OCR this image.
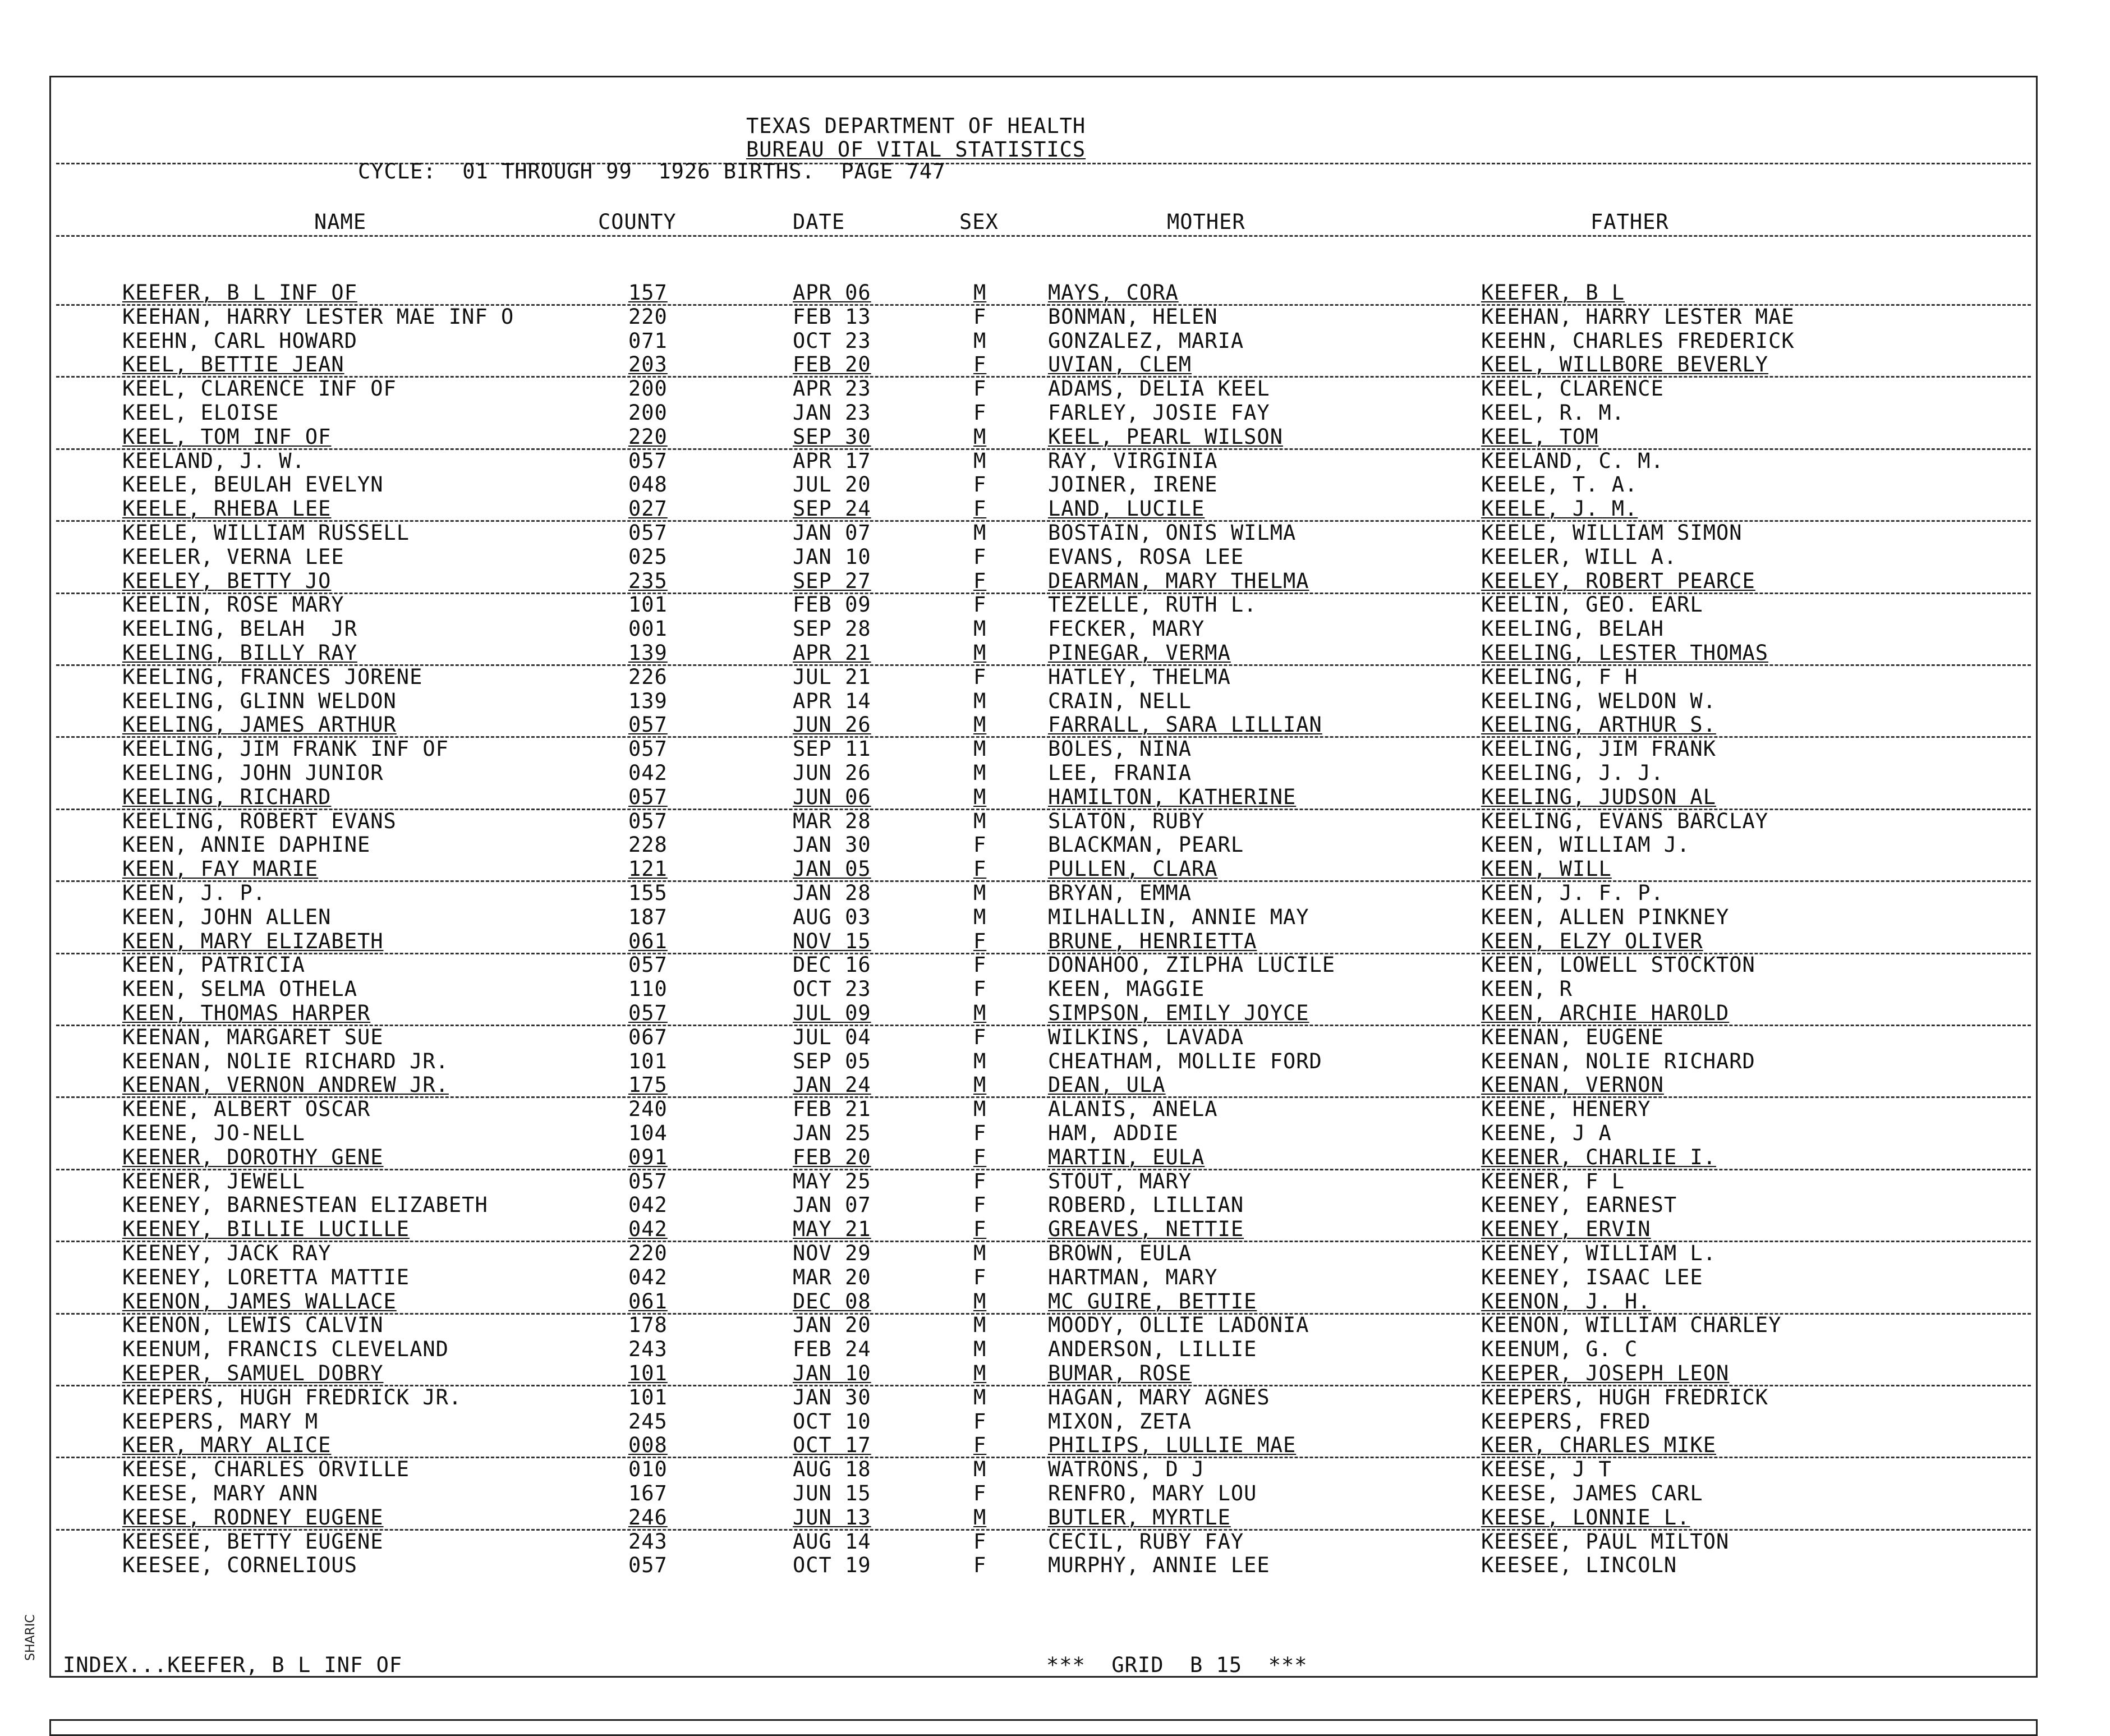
TEXAS DEPARTMENT OF HEALTH
BUREAU OF VITAL STATISTICS
CYCLE:  01 THROUGH 99  1926 BIRTHS.  PAGE 747
NAME	COUNTY	DATE	SEX	MOTHER	FATHER
KEEFER, B L INF OF	157	APR 06	M	MAYS, CORA	KEEFER, B L
KEEHAN, HARRY LESTER MAE INF O	220	FEB 13	F	BONMAN, HELEN	KEEHAN, HARRY LESTER MAE
KEEHN, CARL HOWARD	071	OCT 23	M	GONZALEZ, MARIA	KEEHN, CHARLES FREDERICK
KEEL, BETTIE JEAN	203	FEB 20	F	UVIAN, CLEM	KEEL, WILLBORE BEVERLY
KEEL, CLARENCE INF OF	200	APR 23	F	ADAMS, DELIA KEEL	KEEL, CLARENCE
KEEL, ELOISE	200	JAN 23	F	FARLEY, JOSIE FAY	KEEL, R. M.
KEEL, TOM INF OF	220	SEP 30	M	KEEL, PEARL WILSON	KEEL, TOM
KEELAND, J. W.	057	APR 17	M	RAY, VIRGINIA	KEELAND, C. M.
KEELE, BEULAH EVELYN	048	JUL 20	F	JOINER, IRENE	KEELE, T. A.
KEELE, RHEBA LEE	027	SEP 24	F	LAND, LUCILE	KEELE, J. M.
KEELE, WILLIAM RUSSELL	057	JAN 07	M	BOSTAIN, ONIS WILMA	KEELE, WILLIAM SIMON
KEELER, VERNA LEE	025	JAN 10	F	EVANS, ROSA LEE	KEELER, WILL A.
KEELEY, BETTY JO	235	SEP 27	F	DEARMAN, MARY THELMA	KEELEY, ROBERT PEARCE
KEELIN, ROSE MARY	101	FEB 09	F	TEZELLE, RUTH L.	KEELIN, GEO. EARL
KEELING, BELAH  JR	001	SEP 28	M	FECKER, MARY	KEELING, BELAH
KEELING, BILLY RAY	139	APR 21	M	PINEGAR, VERMA	KEELING, LESTER THOMAS
KEELING, FRANCES JORENE	226	JUL 21	F	HATLEY, THELMA	KEELING, F H
KEELING, GLINN WELDON	139	APR 14	M	CRAIN, NELL	KEELING, WELDON W.
KEELING, JAMES ARTHUR	057	JUN 26	M	FARRALL, SARA LILLIAN	KEELING, ARTHUR S.
KEELING, JIM FRANK INF OF	057	SEP 11	M	BOLES, NINA	KEELING, JIM FRANK
KEELING, JOHN JUNIOR	042	JUN 26	M	LEE, FRANIA	KEELING, J. J.
KEELING, RICHARD	057	JUN 06	M	HAMILTON, KATHERINE	KEELING, JUDSON AL
KEELING, ROBERT EVANS	057	MAR 28	M	SLATON, RUBY	KEELING, EVANS BARCLAY
KEEN, ANNIE DAPHINE	228	JAN 30	F	BLACKMAN, PEARL	KEEN, WILLIAM J.
KEEN, FAY MARIE	121	JAN 05	F	PULLEN, CLARA	KEEN, WILL
KEEN, J. P.	155	JAN 28	M	BRYAN, EMMA	KEEN, J. F. P.
KEEN, JOHN ALLEN	187	AUG 03	M	MILHALLIN, ANNIE MAY	KEEN, ALLEN PINKNEY
KEEN, MARY ELIZABETH	061	NOV 15	F	BRUNE, HENRIETTA	KEEN, ELZY OLIVER
KEEN, PATRICIA	057	DEC 16	F	DONAHOO, ZILPHA LUCILE	KEEN, LOWELL STOCKTON
KEEN, SELMA OTHELA	110	OCT 23	F	KEEN, MAGGIE	KEEN, R
KEEN, THOMAS HARPER	057	JUL 09	M	SIMPSON, EMILY JOYCE	KEEN, ARCHIE HAROLD
KEENAN, MARGARET SUE	067	JUL 04	F	WILKINS, LAVADA	KEENAN, EUGENE
KEENAN, NOLIE RICHARD JR.	101	SEP 05	M	CHEATHAM, MOLLIE FORD	KEENAN, NOLIE RICHARD
KEENAN, VERNON ANDREW JR.	175	JAN 24	M	DEAN, ULA	KEENAN, VERNON
KEENE, ALBERT OSCAR	240	FEB 21	M	ALANIS, ANELA	KEENE, HENERY
KEENE, JO-NELL	104	JAN 25	F	HAM, ADDIE	KEENE, J A
KEENER, DOROTHY GENE	091	FEB 20	F	MARTIN, EULA	KEENER, CHARLIE I.
KEENER, JEWELL	057	MAY 25	F	STOUT, MARY	KEENER, F L
KEENEY, BARNESTEAN ELIZABETH	042	JAN 07	F	ROBERD, LILLIAN	KEENEY, EARNEST
KEENEY, BILLIE LUCILLE	042	MAY 21	F	GREAVES, NETTIE	KEENEY, ERVIN
KEENEY, JACK RAY	220	NOV 29	M	BROWN, EULA	KEENEY, WILLIAM L.
KEENEY, LORETTA MATTIE	042	MAR 20	F	HARTMAN, MARY	KEENEY, ISAAC LEE
KEENON, JAMES WALLACE	061	DEC 08	M	MC GUIRE, BETTIE	KEENON, J. H.
KEENON, LEWIS CALVIN	178	JAN 20	M	MOODY, OLLIE LADONIA	KEENON, WILLIAM CHARLEY
KEENUM, FRANCIS CLEVELAND	243	FEB 24	M	ANDERSON, LILLIE	KEENUM, G. C
KEEPER, SAMUEL DOBRY	101	JAN 10	M	BUMAR, ROSE	KEEPER, JOSEPH LEON
KEEPERS, HUGH FREDRICK JR.	101	JAN 30	M	HAGAN, MARY AGNES	KEEPERS, HUGH FREDRICK
KEEPERS, MARY M	245	OCT 10	F	MIXON, ZETA	KEEPERS, FRED
KEER, MARY ALICE	008	OCT 17	F	PHILIPS, LULLIE MAE	KEER, CHARLES MIKE
KEESE, CHARLES ORVILLE	010	AUG 18	M	WATRONS, D J	KEESE, J T
KEESE, MARY ANN	167	JUN 15	F	RENFRO, MARY LOU	KEESE, JAMES CARL
KEESE, RODNEY EUGENE	246	JUN 13	M	BUTLER, MYRTLE	KEESE, LONNIE L.
KEESEE, BETTY EUGENE	243	AUG 14	F	CECIL, RUBY FAY	KEESEE, PAUL MILTON
KEESEE, CORNELIOUS	057	OCT 19	F	MURPHY, ANNIE LEE	KEESEE, LINCOLN
INDEX...KEEFER, B L INF OF	***  GRID  B 15  ***
SHARIC
